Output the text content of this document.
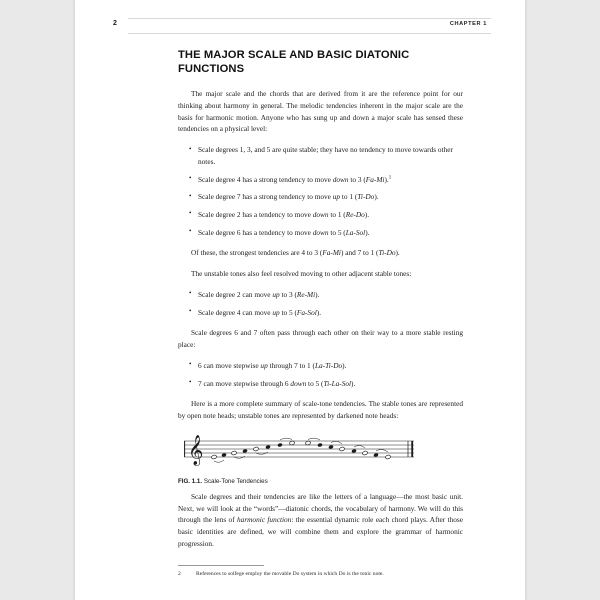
2	CHAPTER 1
THE MAJOR SCALE AND BASIC DIATONIC FUNCTIONS

The major scale and the chords that are derived from it are the reference point for our thinking about harmony in general. The melodic tendencies inherent in the major scale are the basis for harmonic motion. Anyone who has sung up and down a major scale has sensed these tendencies on a physical level:

• Scale degrees 1, 3, and 5 are quite stable; they have no tendency to move towards other notes.
• Scale degree 4 has a strong tendency to move down to 3 (Fa-Mi).$^1$
• Scale degree 7 has a strong tendency to move up to 1 (Ti-Do).
• Scale degree 2 has a tendency to move down to 1 (Re-Do).
• Scale degree 6 has a tendency to move down to 5 (La-Sol).

Of these, the strongest tendencies are 4 to 3 (Fa-Mi) and 7 to 1 (Ti-Do).

The unstable tones also feel resolved moving to other adjacent stable tones:

• Scale degree 2 can move up to 3 (Re-Mi).
• Scale degree 4 can move up to 5 (Fa-Sol).

Scale degrees 6 and 7 often pass through each other on their way to a more stable resting place:

• 6 can move stepwise up through 7 to 1 (La-Ti-Do).
• 7 can move stepwise through 6 down to 5 (Ti-La-Sol).

Here is a more complete summary of scale-tone tendencies. The stable tones are represented by open note heads; unstable tones are represented by darkened note heads:

𝄞
FIG. 1.1. Scale-Tone Tendencies

Scale degrees and their tendencies are like the letters of a language—the most basic unit. Next, we will look at the “words”—diatonic chords, the vocabulary of harmony. We will do this through the lens of harmonic function: the essential dynamic role each chord plays. After those basic identities are defined, we will combine them and explore the grammar of harmonic progression.

2	References to solfege employ the movable Do system in which Do is the tonic note.
